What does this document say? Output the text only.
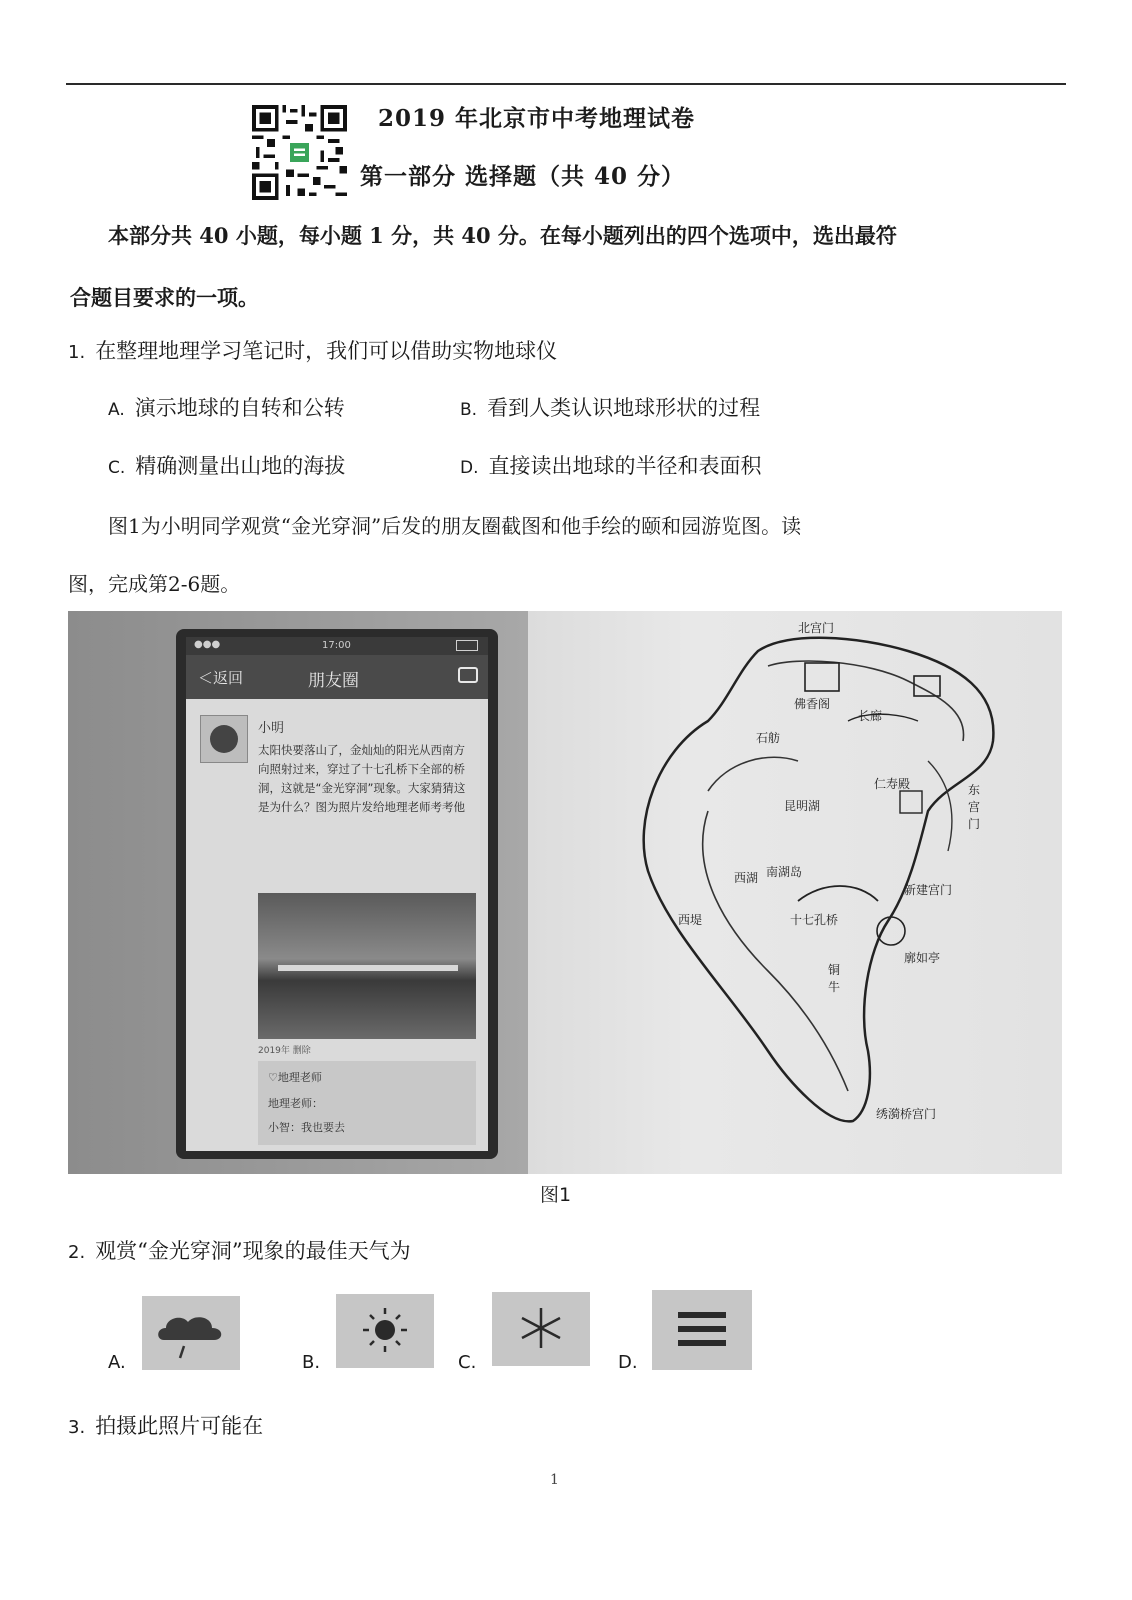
2019 年北京市中考地理试卷
第一部分 选择题（共 40 分）
本部分共 40 小题，每小题 1 分，共 40 分。在每小题列出的四个选项中，选出最符
合题目要求的一项。
1. 在整理地理学习笔记时，我们可以借助实物地球仪
A. 演示地球的自转和公转	B. 看到人类认识地球形状的过程
C. 精确测量出山地的海拔	D. 直接读出地球的半径和表面积
图1为小明同学观赏“金光穿洞”后发的朋友圈截图和他手绘的颐和园游览图。读
图，完成第2-6题。
●●●	17:00
＜返回	朋友圈
小明
太阳快要落山了，金灿灿的阳光从西南方向照射过来，穿过了十七孔桥下全部的桥洞，这就是“金光穿洞”现象。大家猜猜这是为什么？图为照片发给地理老师考考他
2019年 删除
♡地理老师
地理老师：
小智：我也要去
北宫门
佛香阁
长廊
石舫
昆明湖
东宫门
仁寿殿
西湖 南湖岛
十七孔桥
新建宫门
铜牛
廓如亭
西堤
绣漪桥宫门
图1
2. 观赏“金光穿洞”现象的最佳天气为
A.	B.	C.	D.
3. 拍摄此照片可能在
1
